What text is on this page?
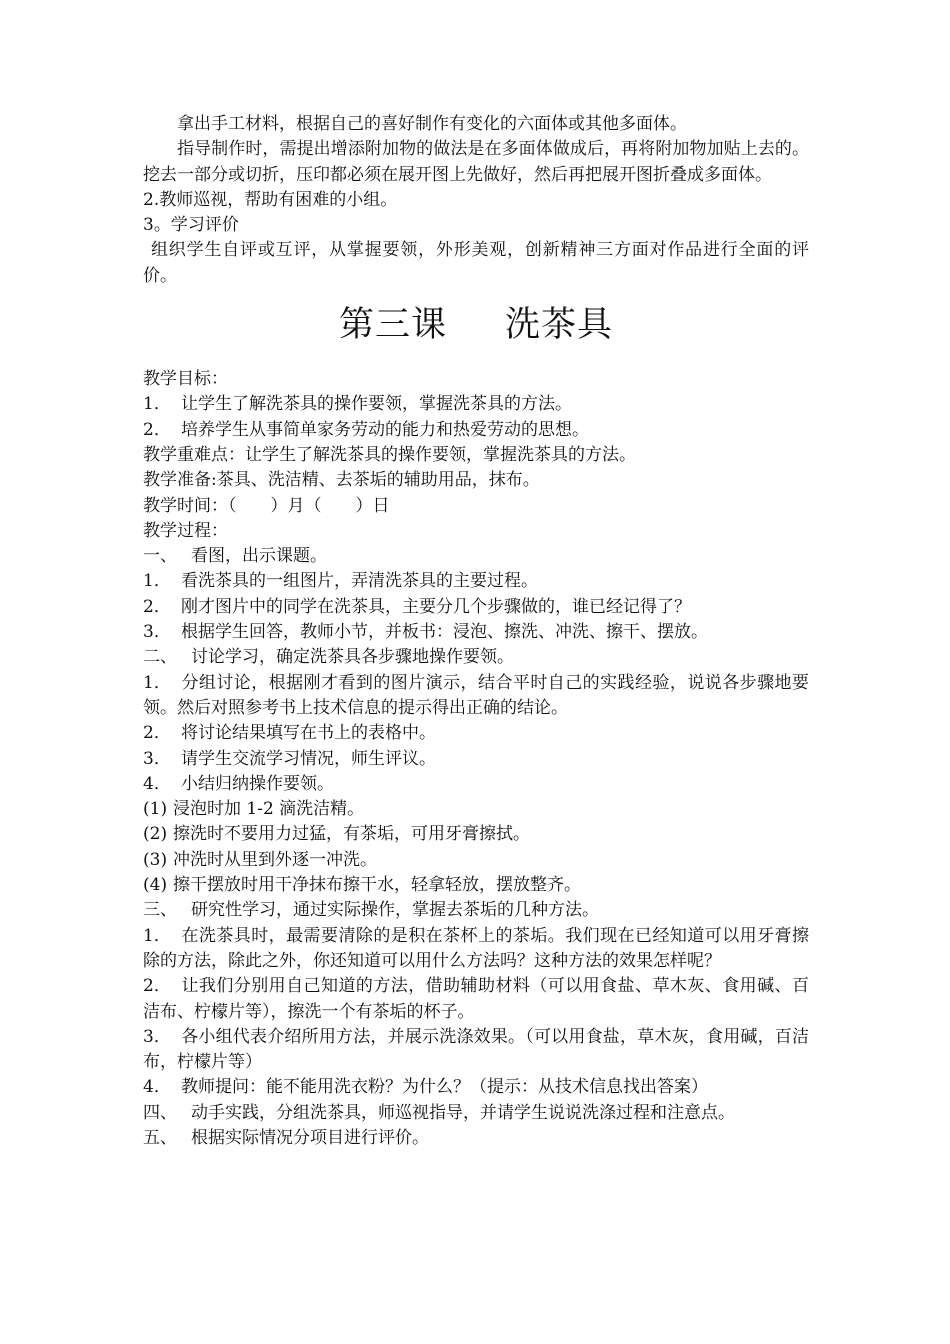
拿出手工材料，根据自己的喜好制作有变化的六面体或其他多面体。

指导制作时，需提出增添附加物的做法是在多面体做成后，再将附加物加贴上去的。挖去一部分或切折，压印都必须在展开图上先做好，然后再把展开图折叠成多面体。

2.教师巡视，帮助有困难的小组。

3。学习评价

组织学生自评或互评，从掌握要领，外形美观，创新精神三方面对作品进行全面的评价。

第三课 洗茶具

教学目标：

1． 让学生了解洗茶具的操作要领，掌握洗茶具的方法。

2． 培养学生从事简单家务劳动的能力和热爱劳动的思想。

教学重难点：让学生了解洗茶具的操作要领，掌握洗茶具的方法。

教学准备:茶具、洗洁精、去茶垢的辅助用品，抹布。

教学时间：（　　）月（　　）日

教学过程：

一、 看图，出示课题。

1． 看洗茶具的一组图片，弄清洗茶具的主要过程。

2． 刚才图片中的同学在洗茶具，主要分几个步骤做的，谁已经记得了？

3． 根据学生回答，教师小节，并板书：浸泡、擦洗、冲洗、擦干、摆放。

二、 讨论学习，确定洗茶具各步骤地操作要领。

1． 分组讨论，根据刚才看到的图片演示，结合平时自己的实践经验，说说各步骤地要领。然后对照参考书上技术信息的提示得出正确的结论。

2． 将讨论结果填写在书上的表格中。

3． 请学生交流学习情况，师生评议。

4． 小结归纳操作要领。

(1) 浸泡时加 1-2 滴洗洁精。

(2) 擦洗时不要用力过猛，有茶垢，可用牙膏擦拭。

(3) 冲洗时从里到外逐一冲洗。

(4) 擦干摆放时用干净抹布擦干水，轻拿轻放，摆放整齐。

三、 研究性学习，通过实际操作，掌握去茶垢的几种方法。

1． 在洗茶具时，最需要清除的是积在茶杯上的茶垢。我们现在已经知道可以用牙膏擦除的方法，除此之外，你还知道可以用什么方法吗？这种方法的效果怎样呢？

2． 让我们分别用自己知道的方法，借助辅助材料（可以用食盐、草木灰、食用碱、百洁布、柠檬片等），擦洗一个有茶垢的杯子。

3． 各小组代表介绍所用方法，并展示洗涤效果。（可以用食盐，草木灰，食用碱，百洁布，柠檬片等）

4． 教师提问：能不能用洗衣粉？为什么？（提示：从技术信息找出答案）

四、 动手实践，分组洗茶具，师巡视指导，并请学生说说洗涤过程和注意点。

五、 根据实际情况分项目进行评价。
